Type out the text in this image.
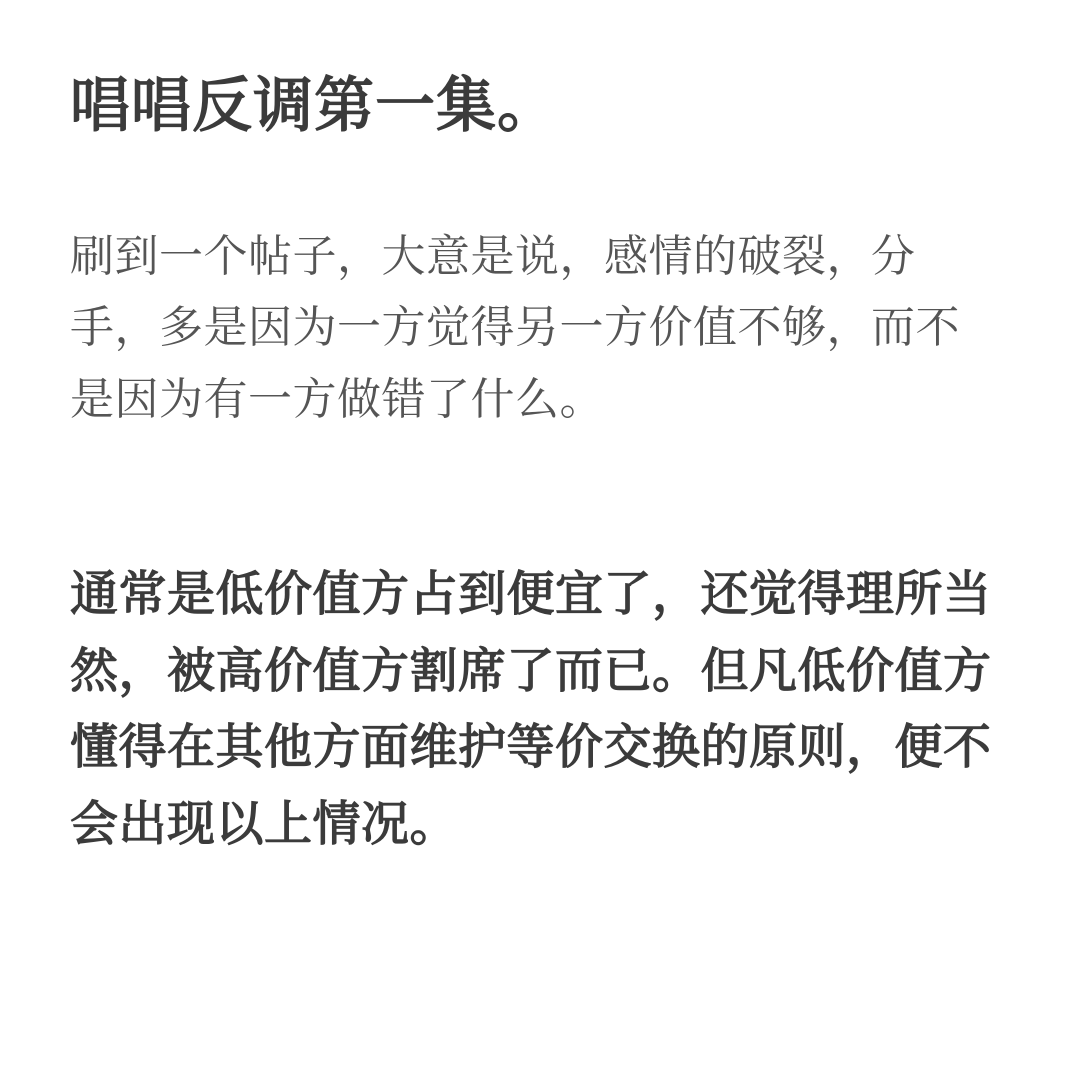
唱唱反调第一集。

刷到一个帖子，大意是说，感情的破裂，分手，多是因为一方觉得另一方价值不够，而不是因为有一方做错了什么。

通常是低价值方占到便宜了，还觉得理所当然，被高价值方割席了而已。但凡低价值方懂得在其他方面维护等价交换的原则，便不会出现以上情况。
